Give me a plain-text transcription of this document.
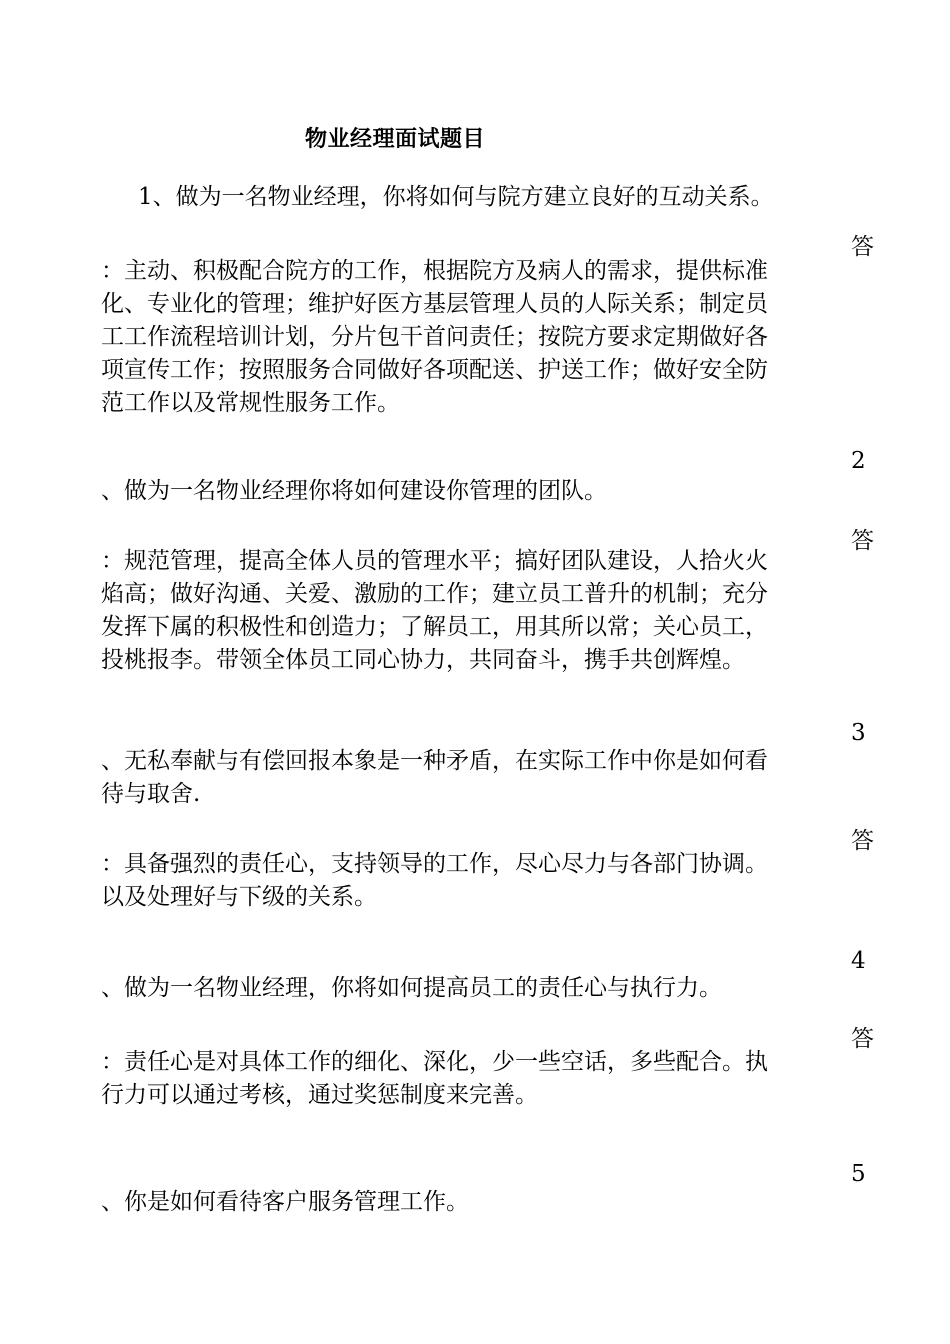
物业经理面试题目
1、做为一名物业经理，你将如何与院方建立良好的互动关系。
答
：主动、积极配合院方的工作，根据院方及病人的需求，提供标准
化、专业化的管理；维护好医方基层管理人员的人际关系；制定员
工工作流程培训计划，分片包干首问责任；按院方要求定期做好各
项宣传工作；按照服务合同做好各项配送、护送工作；做好安全防
范工作以及常规性服务工作。
2
、做为一名物业经理你将如何建设你管理的团队。
答
：规范管理，提高全体人员的管理水平；搞好团队建设，人拾火火
焰高；做好沟通、关爱、激励的工作；建立员工普升的机制；充分
发挥下属的积极性和创造力；了解员工，用其所以常；关心员工，
投桃报李。带领全体员工同心协力，共同奋斗，携手共创辉煌。
3
、无私奉献与有偿回报本象是一种矛盾，在实际工作中你是如何看
待与取舍.
答
：具备强烈的责任心，支持领导的工作，尽心尽力与各部门协调。
以及处理好与下级的关系。
4
、做为一名物业经理，你将如何提高员工的责任心与执行力。
答
：责任心是对具体工作的细化、深化，少一些空话，多些配合。执
行力可以通过考核，通过奖惩制度来完善。
5
、你是如何看待客户服务管理工作。
